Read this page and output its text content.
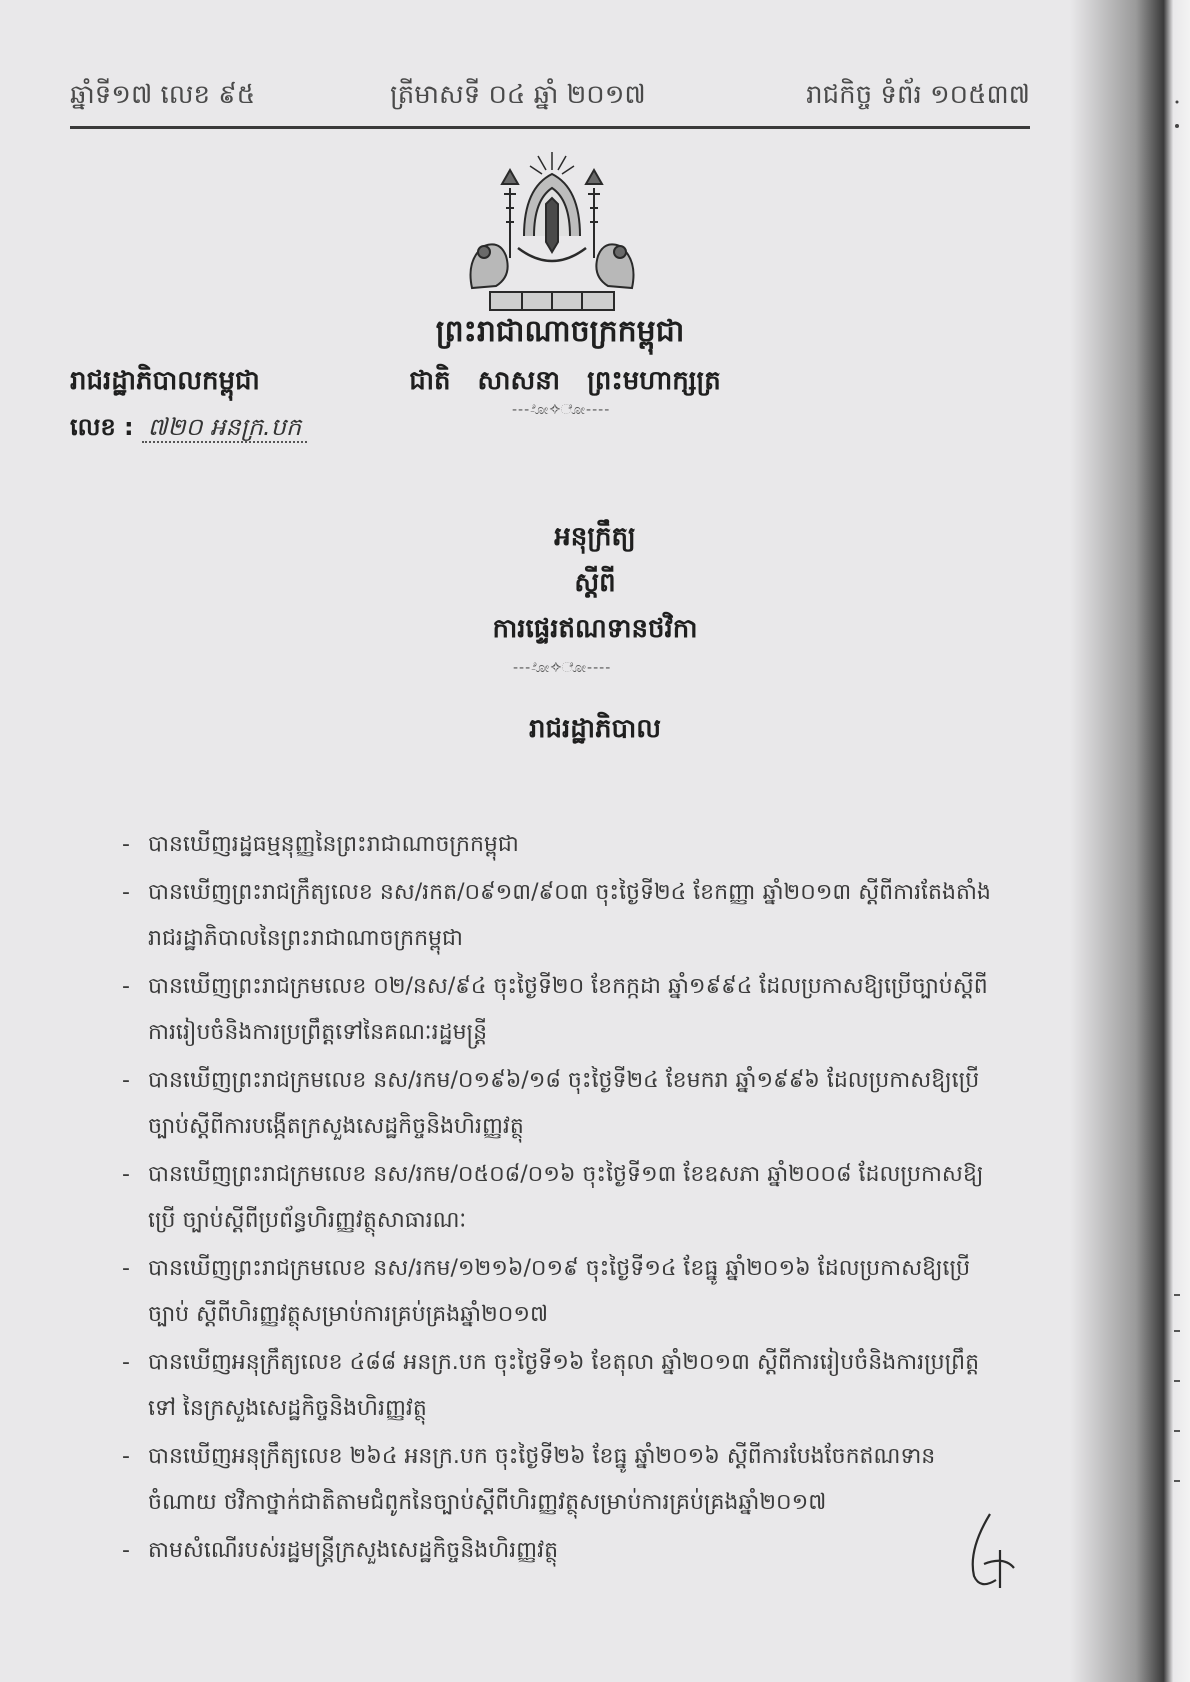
ឆ្នាំទី១៧ លេខ ៩៥	ត្រីមាសទី ០៤ ឆ្នាំ ២០១៧	រាជកិច្ច ទំព័រ ១០៥៣៧
ព្រះរាជាណាចក្រកម្ពុជា
ជាតិ សាសនា ព្រះមហាក្សត្រ
----ೋ✧ೋ----
រាជរដ្ឋាភិបាលកម្ពុជា
លេខ : ៧២០ អនក្រ.បក
អនុក្រឹត្យ
ស្តីពី
ការផ្ទេរឥណទានថវិកា
----ೋ✧ೋ----
រាជរដ្ឋាភិបាល
- បានឃើញរដ្ឋធម្មនុញ្ញនៃព្រះរាជាណាចក្រកម្ពុជា
- បានឃើញព្រះរាជក្រឹត្យលេខ នស/រកត/០៩១៣/៩០៣ ចុះថ្ងៃទី២៤ ខែកញ្ញា ឆ្នាំ២០១៣ ស្តីពីការតែងតាំង រាជរដ្ឋាភិបាលនៃព្រះរាជាណាចក្រកម្ពុជា
- បានឃើញព្រះរាជក្រមលេខ ០២/នស/៩៤ ចុះថ្ងៃទី២០ ខែកក្កដា ឆ្នាំ១៩៩៤ ដែលប្រកាសឱ្យប្រើច្បាប់ស្តីពី ការរៀបចំនិងការប្រព្រឹត្តទៅនៃគណៈរដ្ឋមន្ត្រី
- បានឃើញព្រះរាជក្រមលេខ នស/រកម/០១៩៦/១៨ ចុះថ្ងៃទី២៤ ខែមករា ឆ្នាំ១៩៩៦ ដែលប្រកាសឱ្យប្រើ ច្បាប់ស្តីពីការបង្កើតក្រសួងសេដ្ឋកិច្ចនិងហិរញ្ញវត្ថុ
- បានឃើញព្រះរាជក្រមលេខ នស/រកម/០៥០៨/០១៦ ចុះថ្ងៃទី១៣ ខែឧសភា ឆ្នាំ២០០៨ ដែលប្រកាសឱ្យប្រើ ច្បាប់ស្តីពីប្រព័ន្ធហិរញ្ញវត្ថុសាធារណៈ
- បានឃើញព្រះរាជក្រមលេខ នស/រកម/១២១៦/០១៩ ចុះថ្ងៃទី១៤ ខែធ្នូ ឆ្នាំ២០១៦ ដែលប្រកាសឱ្យប្រើច្បាប់ ស្តីពីហិរញ្ញវត្ថុសម្រាប់ការគ្រប់គ្រងឆ្នាំ២០១៧
- បានឃើញអនុក្រឹត្យលេខ ៤៨៨ អនក្រ.បក ចុះថ្ងៃទី១៦ ខែតុលា ឆ្នាំ២០១៣ ស្តីពីការរៀបចំនិងការប្រព្រឹត្តទៅ នៃក្រសួងសេដ្ឋកិច្ចនិងហិរញ្ញវត្ថុ
- បានឃើញអនុក្រឹត្យលេខ ២៦៤ អនក្រ.បក ចុះថ្ងៃទី២៦ ខែធ្នូ ឆ្នាំ២០១៦ ស្តីពីការបែងចែកឥណទានចំណាយ ថវិកាថ្នាក់ជាតិតាមជំពូកនៃច្បាប់ស្តីពីហិរញ្ញវត្ថុសម្រាប់ការគ្រប់គ្រងឆ្នាំ២០១៧
- តាមសំណើរបស់រដ្ឋមន្ត្រីក្រសួងសេដ្ឋកិច្ចនិងហិរញ្ញវត្ថុ
